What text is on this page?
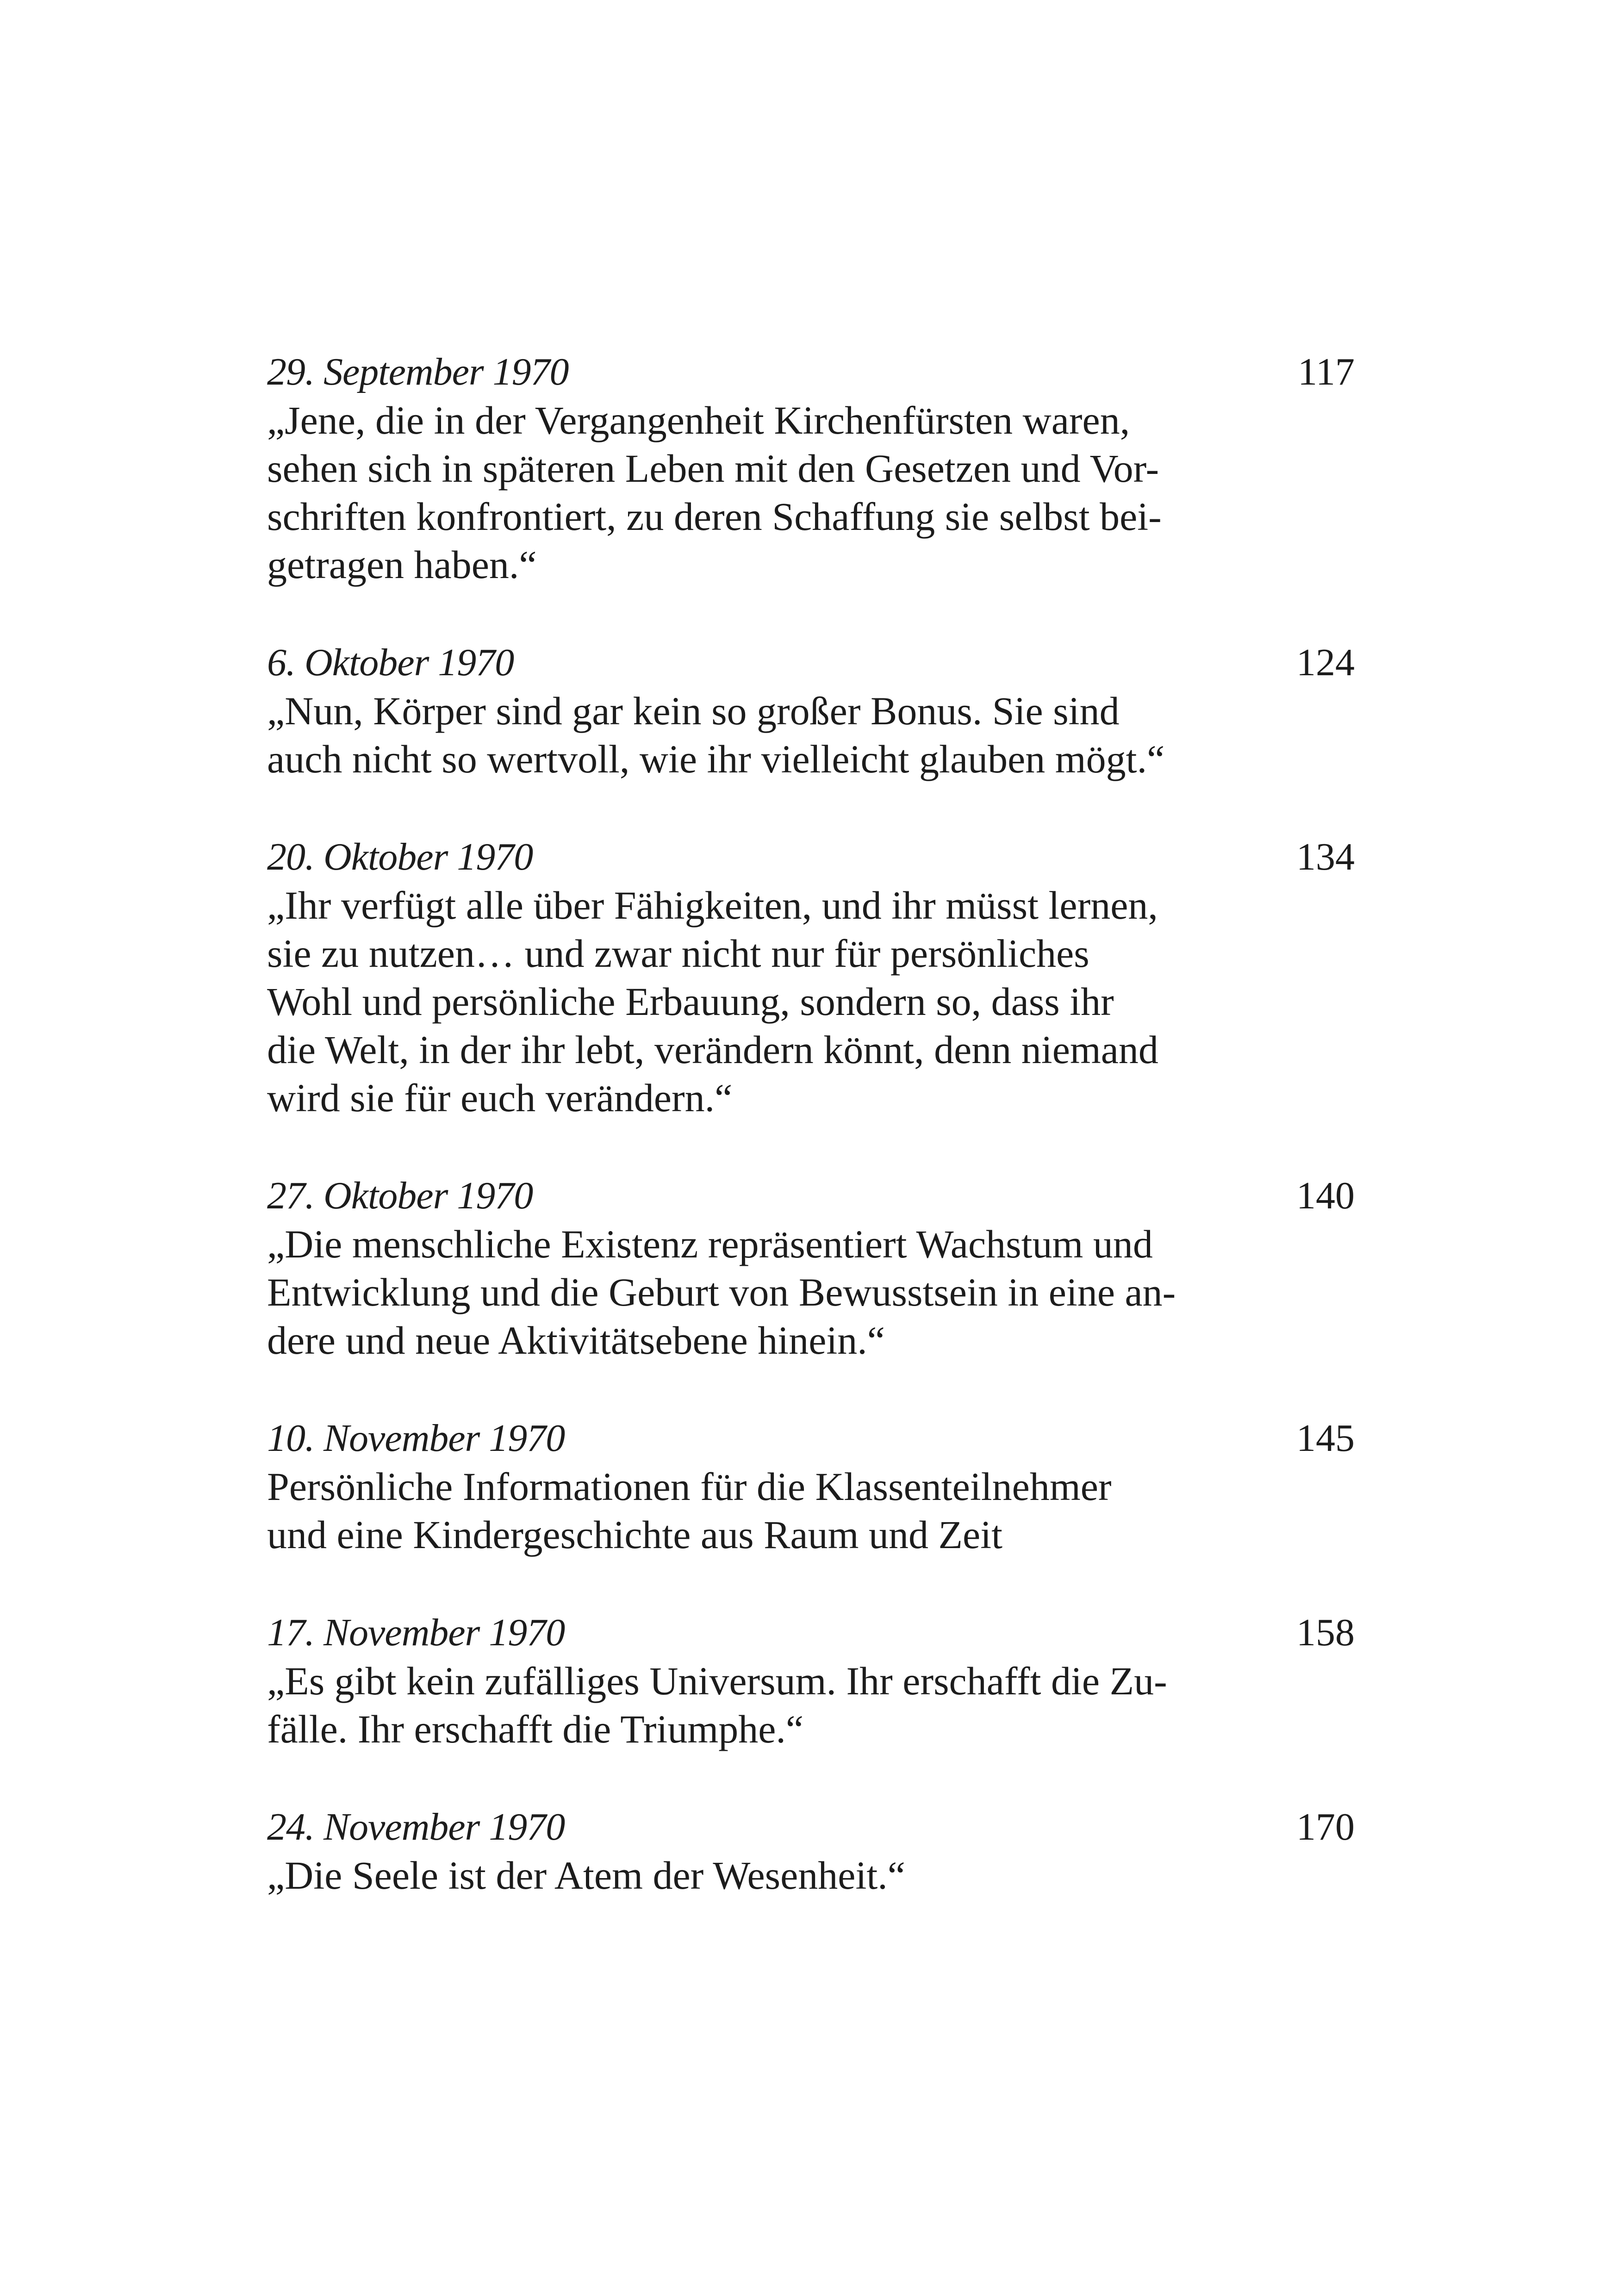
29. September 1970	117
„Jene, die in der Vergangenheit Kirchenfürsten waren,
sehen sich in späteren Leben mit den Gesetzen und Vor-
schriften konfrontiert, zu deren Schaffung sie selbst bei-
getragen haben.“
6. Oktober 1970	124
„Nun, Körper sind gar kein so großer Bonus. Sie sind
auch nicht so wertvoll, wie ihr vielleicht glauben mögt.“
20. Oktober 1970	134
„Ihr verfügt alle über Fähigkeiten, und ihr müsst lernen,
sie zu nutzen… und zwar nicht nur für persönliches
Wohl und persönliche Erbauung, sondern so, dass ihr
die Welt, in der ihr lebt, verändern könnt, denn niemand
wird sie für euch verändern.“
27. Oktober 1970	140
„Die menschliche Existenz repräsentiert Wachstum und
Entwicklung und die Geburt von Bewusstsein in eine an-
dere und neue Aktivitätsebene hinein.“
10. November 1970	145
Persönliche Informationen für die Klassenteilnehmer
und eine Kindergeschichte aus Raum und Zeit
17. November 1970	158
„Es gibt kein zufälliges Universum. Ihr erschafft die Zu-
fälle. Ihr erschafft die Triumphe.“
24. November 1970	170
„Die Seele ist der Atem der Wesenheit.“
